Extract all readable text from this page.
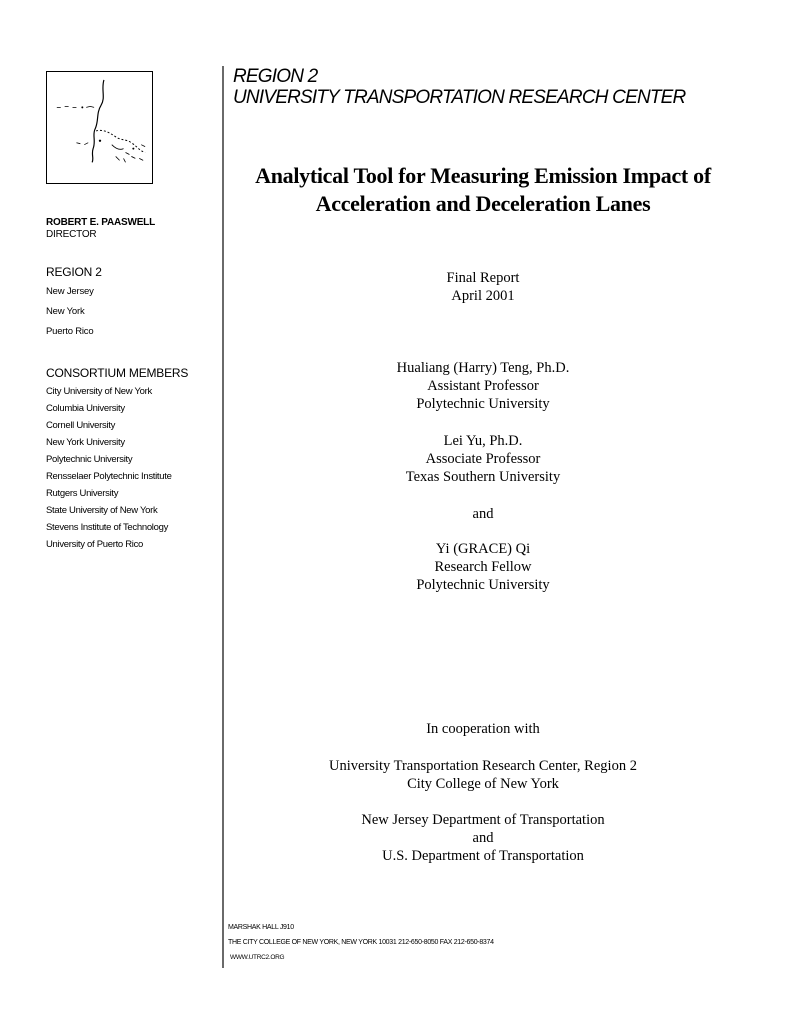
ROBERT E. PAASWELL
DIRECTOR
REGION 2
New Jersey
New York
Puerto Rico
CONSORTIUM MEMBERS
City University of New York
Columbia University
Cornell University
New York University
Polytechnic University
Rensselaer Polytechnic Institute
Rutgers University
State University of New York
Stevens Institute of Technology
University of Puerto Rico
REGION 2
UNIVERSITY TRANSPORTATION RESEARCH CENTER
Analytical Tool for Measuring Emission Impact of
Acceleration and Deceleration Lanes
Final Report
April 2001
Hualiang (Harry) Teng, Ph.D.
Assistant Professor
Polytechnic University
Lei Yu, Ph.D.
Associate Professor
Texas Southern University
and
Yi (GRACE) Qi
Research Fellow
Polytechnic University
In cooperation with
University Transportation Research Center, Region 2
City College of New York
New Jersey Department of Transportation
and
U.S. Department of Transportation
MARSHAK HALL J910
THE CITY COLLEGE OF NEW YORK, NEW YORK 10031 212-650-8050 FAX 212-650-8374
WWW.UTRC2.ORG
